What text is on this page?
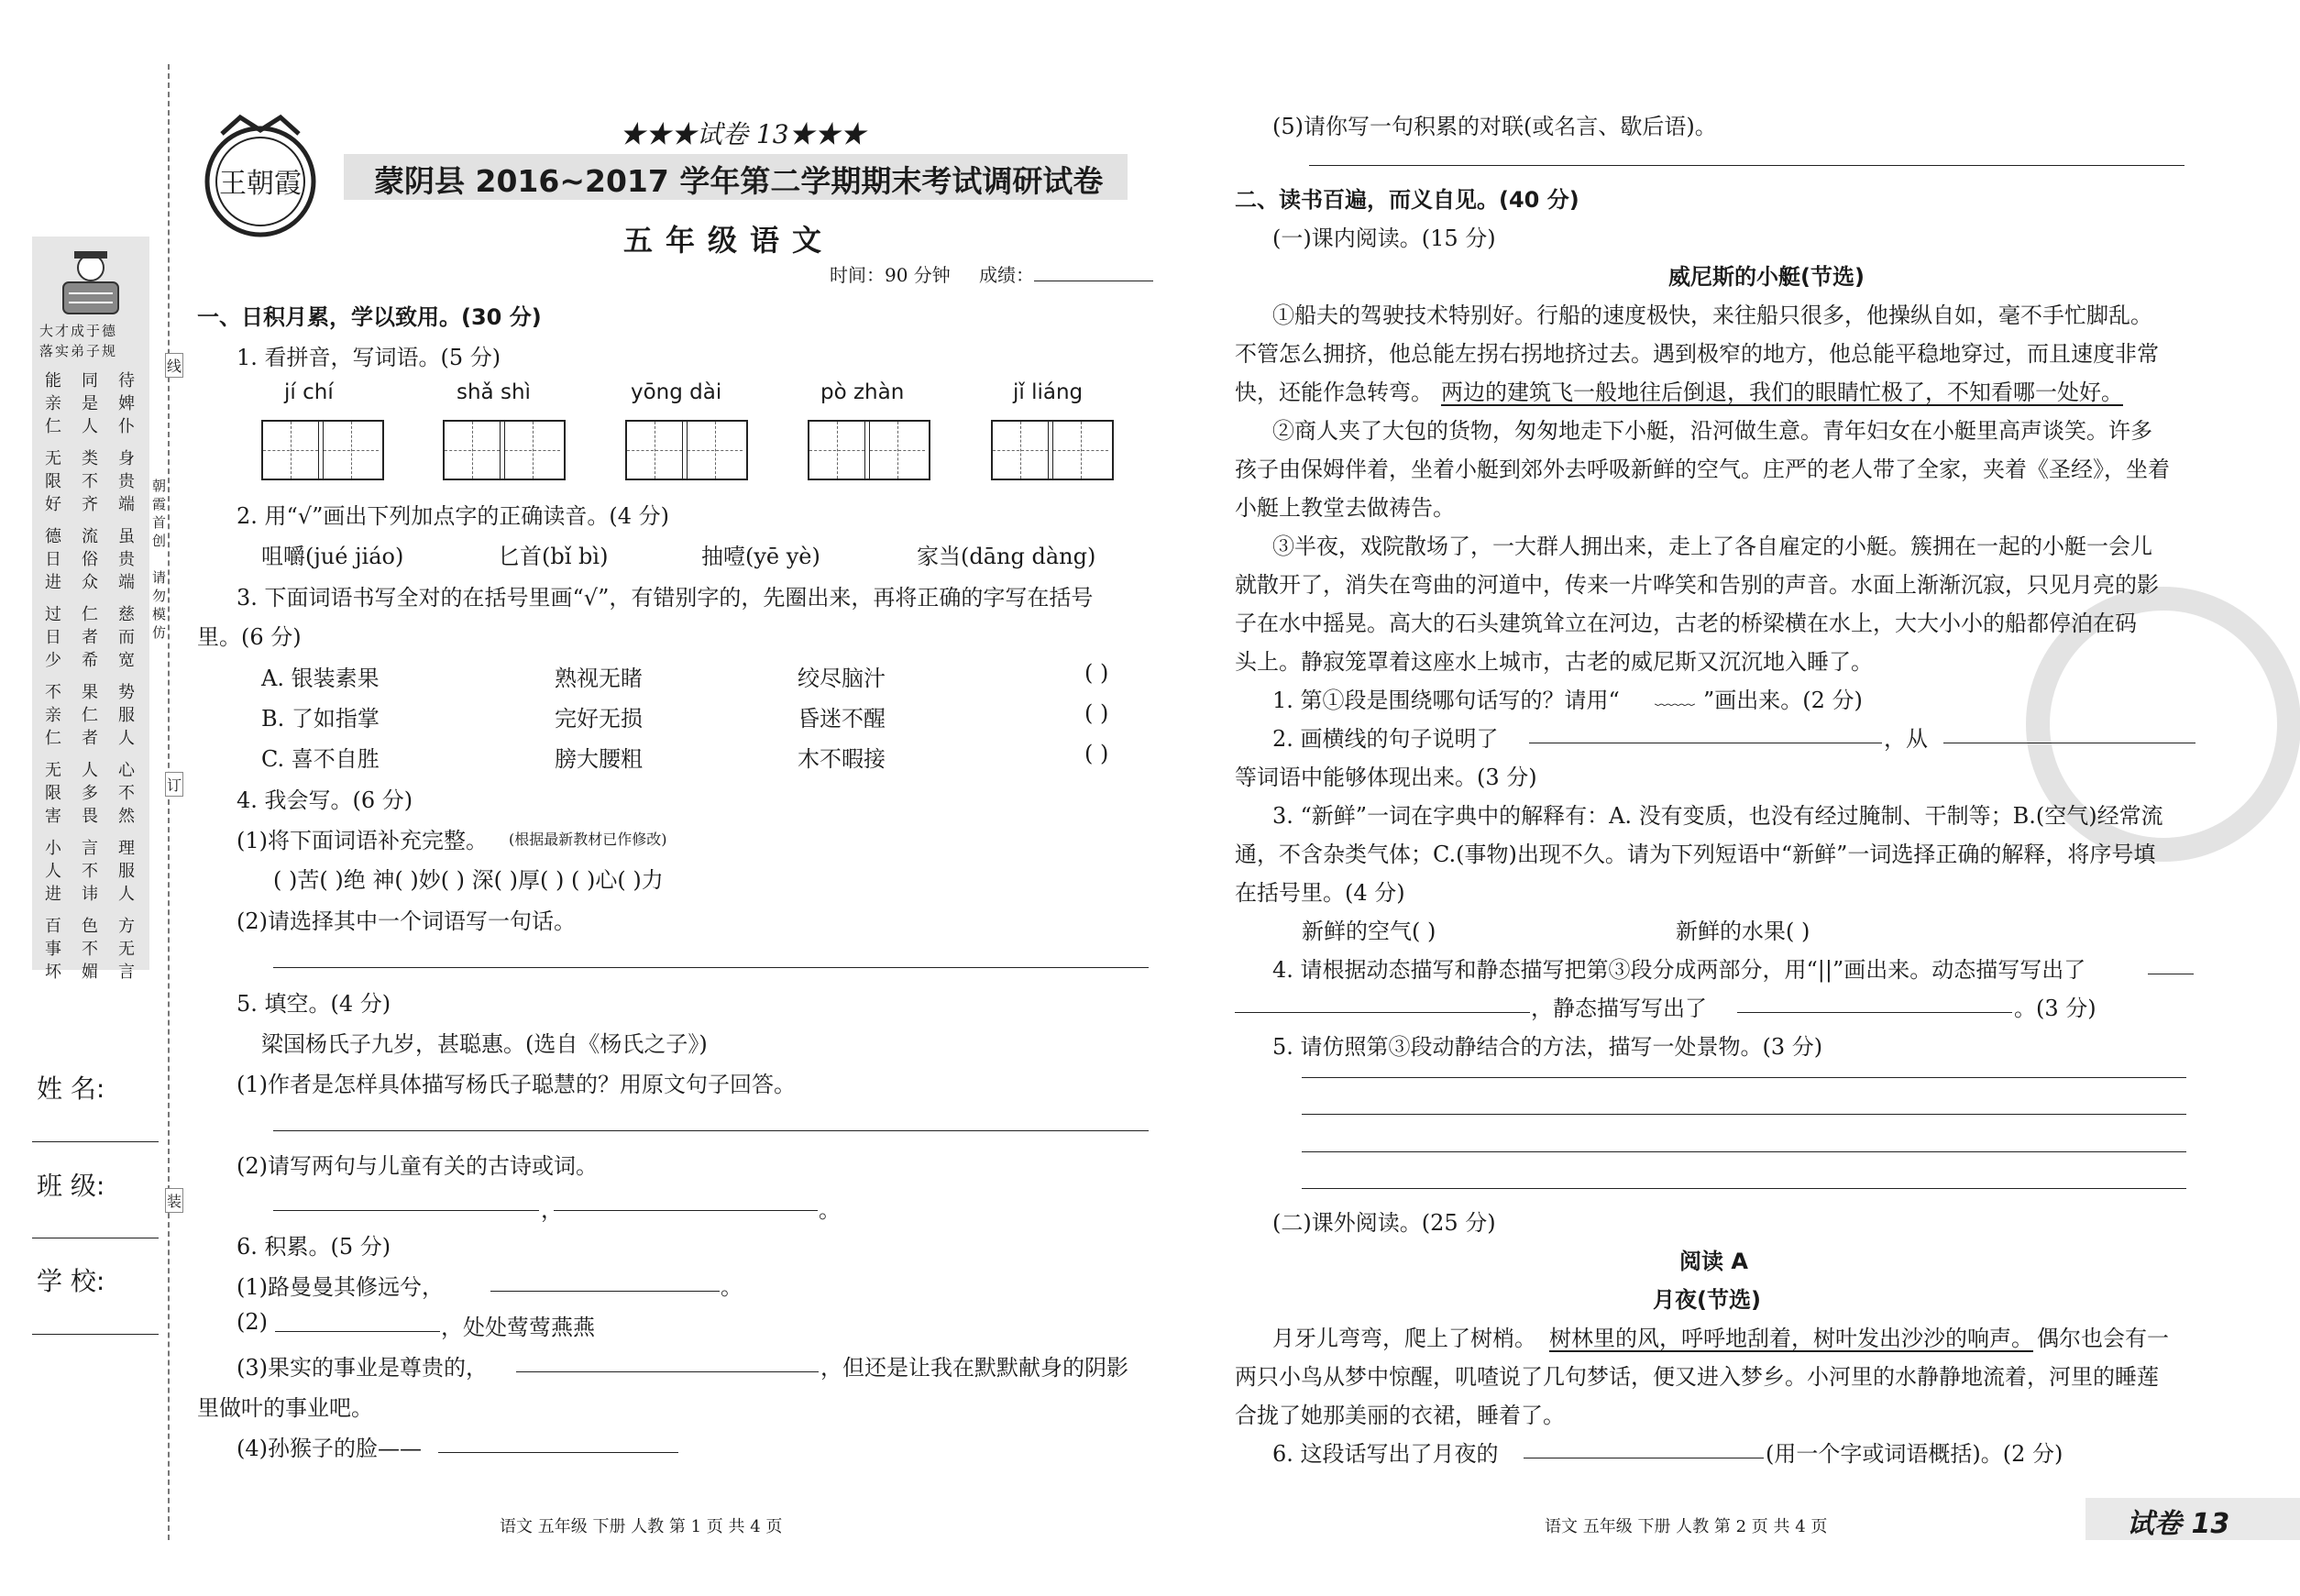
线
订
装
朝霞首创
请勿模仿
大才成于德
落实弟子规
能亲仁
同是人
待婢仆
无限好
类不齐
身贵端
德日进
流俗众
虽贵端
过日少
仁者希
慈而宽
不亲仁
果仁者
势服人
无限害
人多畏
心不然
小人进
言不讳
理服人
百事坏
色不媚
方无言
姓 名:
班 级:
学 校:
王朝霞
★★★试卷 13★★★
蒙阴县 2016~2017 学年第二学期期末考试调研试卷
五年级语文
时间：90 分钟 成绩：
一、日积月累，学以致用。(30 分)
1. 看拼音，写词语。(5 分)
jí chí	shǎ shì	yōng dài	pò zhàn	jǐ liáng
2. 用“√”画出下列加点字的正确读音。(4 分)
咀嚼(jué jiáo)	匕首(bǐ bì)	抽噎(yē yè)	家当(dāng dàng)
3. 下面词语书写全对的在括号里画“√”，有错别字的，先圈出来，再将正确的字写在括号
里。(6 分)
A. 银装素果	熟视无睹	绞尽脑汁	( )
B. 了如指掌	完好无损	昏迷不醒	( )
C. 喜不自胜	膀大腰粗	木不暇接	( )
4. 我会写。(6 分)
(1)将下面词语补充完整。 (根据最新教材已作修改)
( )苦( )绝 神( )妙( ) 深( )厚( ) ( )心( )力
(2)请选择其中一个词语写一句话。
5. 填空。(4 分)
梁国杨氏子九岁，甚聪惠。(选自《杨氏之子》)
(1)作者是怎样具体描写杨氏子聪慧的？用原文句子回答。
(2)请写两句与儿童有关的古诗或词。
，	。
6. 积累。(5 分)
(1)路曼曼其修远兮，	。
(2)	，处处莺莺燕燕
(3)果实的事业是尊贵的，	，但还是让我在默默献身的阴影
里做叶的事业吧。
(4)孙猴子的脸——
语文 五年级 下册 人教 第 1 页 共 4 页
(5)请你写一句积累的对联(或名言、歇后语)。
二、读书百遍，而义自见。(40 分)
(一)课内阅读。(15 分)
威尼斯的小艇(节选)
①船夫的驾驶技术特别好。行船的速度极快，来往船只很多，他操纵自如，毫不手忙脚乱。
不管怎么拥挤，他总能左拐右拐地挤过去。遇到极窄的地方，他总能平稳地穿过，而且速度非常
快，还能作急转弯。 两边的建筑飞一般地往后倒退，我们的眼睛忙极了，不知看哪一处好。
②商人夹了大包的货物，匆匆地走下小艇，沿河做生意。青年妇女在小艇里高声谈笑。许多
孩子由保姆伴着，坐着小艇到郊外去呼吸新鲜的空气。庄严的老人带了全家，夹着《圣经》，坐着
小艇上教堂去做祷告。
③半夜，戏院散场了，一大群人拥出来，走上了各自雇定的小艇。簇拥在一起的小艇一会儿
就散开了，消失在弯曲的河道中，传来一片哗笑和告别的声音。水面上渐渐沉寂，只见月亮的影
子在水中摇晃。高大的石头建筑耸立在河边，古老的桥梁横在水上，大大小小的船都停泊在码
头上。静寂笼罩着这座水上城市，古老的威尼斯又沉沉地入睡了。
1. 第①段是围绕哪句话写的？请用“ ﹏﹏ ”画出来。(2 分)
2. 画横线的句子说明了	，从
等词语中能够体现出来。(3 分)
3. “新鲜”一词在字典中的解释有：A. 没有变质，也没有经过腌制、干制等；B.(空气)经常流
通，不含杂类气体；C.(事物)出现不久。请为下列短语中“新鲜”一词选择正确的解释，将序号填
在括号里。(4 分)
新鲜的空气( )	新鲜的水果( )
4. 请根据动态描写和静态描写把第③段分成两部分，用“||”画出来。动态描写写出了
，静态描写写出了	。(3 分)
5. 请仿照第③段动静结合的方法，描写一处景物。(3 分)
(二)课外阅读。(25 分)
阅读 A
月夜(节选)
月牙儿弯弯，爬上了树梢。 树林里的风，呼呼地刮着，树叶发出沙沙的响声。 偶尔也会有一
两只小鸟从梦中惊醒，叽喳说了几句梦话，便又进入梦乡。小河里的水静静地流着，河里的睡莲
合拢了她那美丽的衣裙，睡着了。
6. 这段话写出了月夜的	(用一个字或词语概括)。(2 分)
语文 五年级 下册 人教 第 2 页 共 4 页	试卷 13
